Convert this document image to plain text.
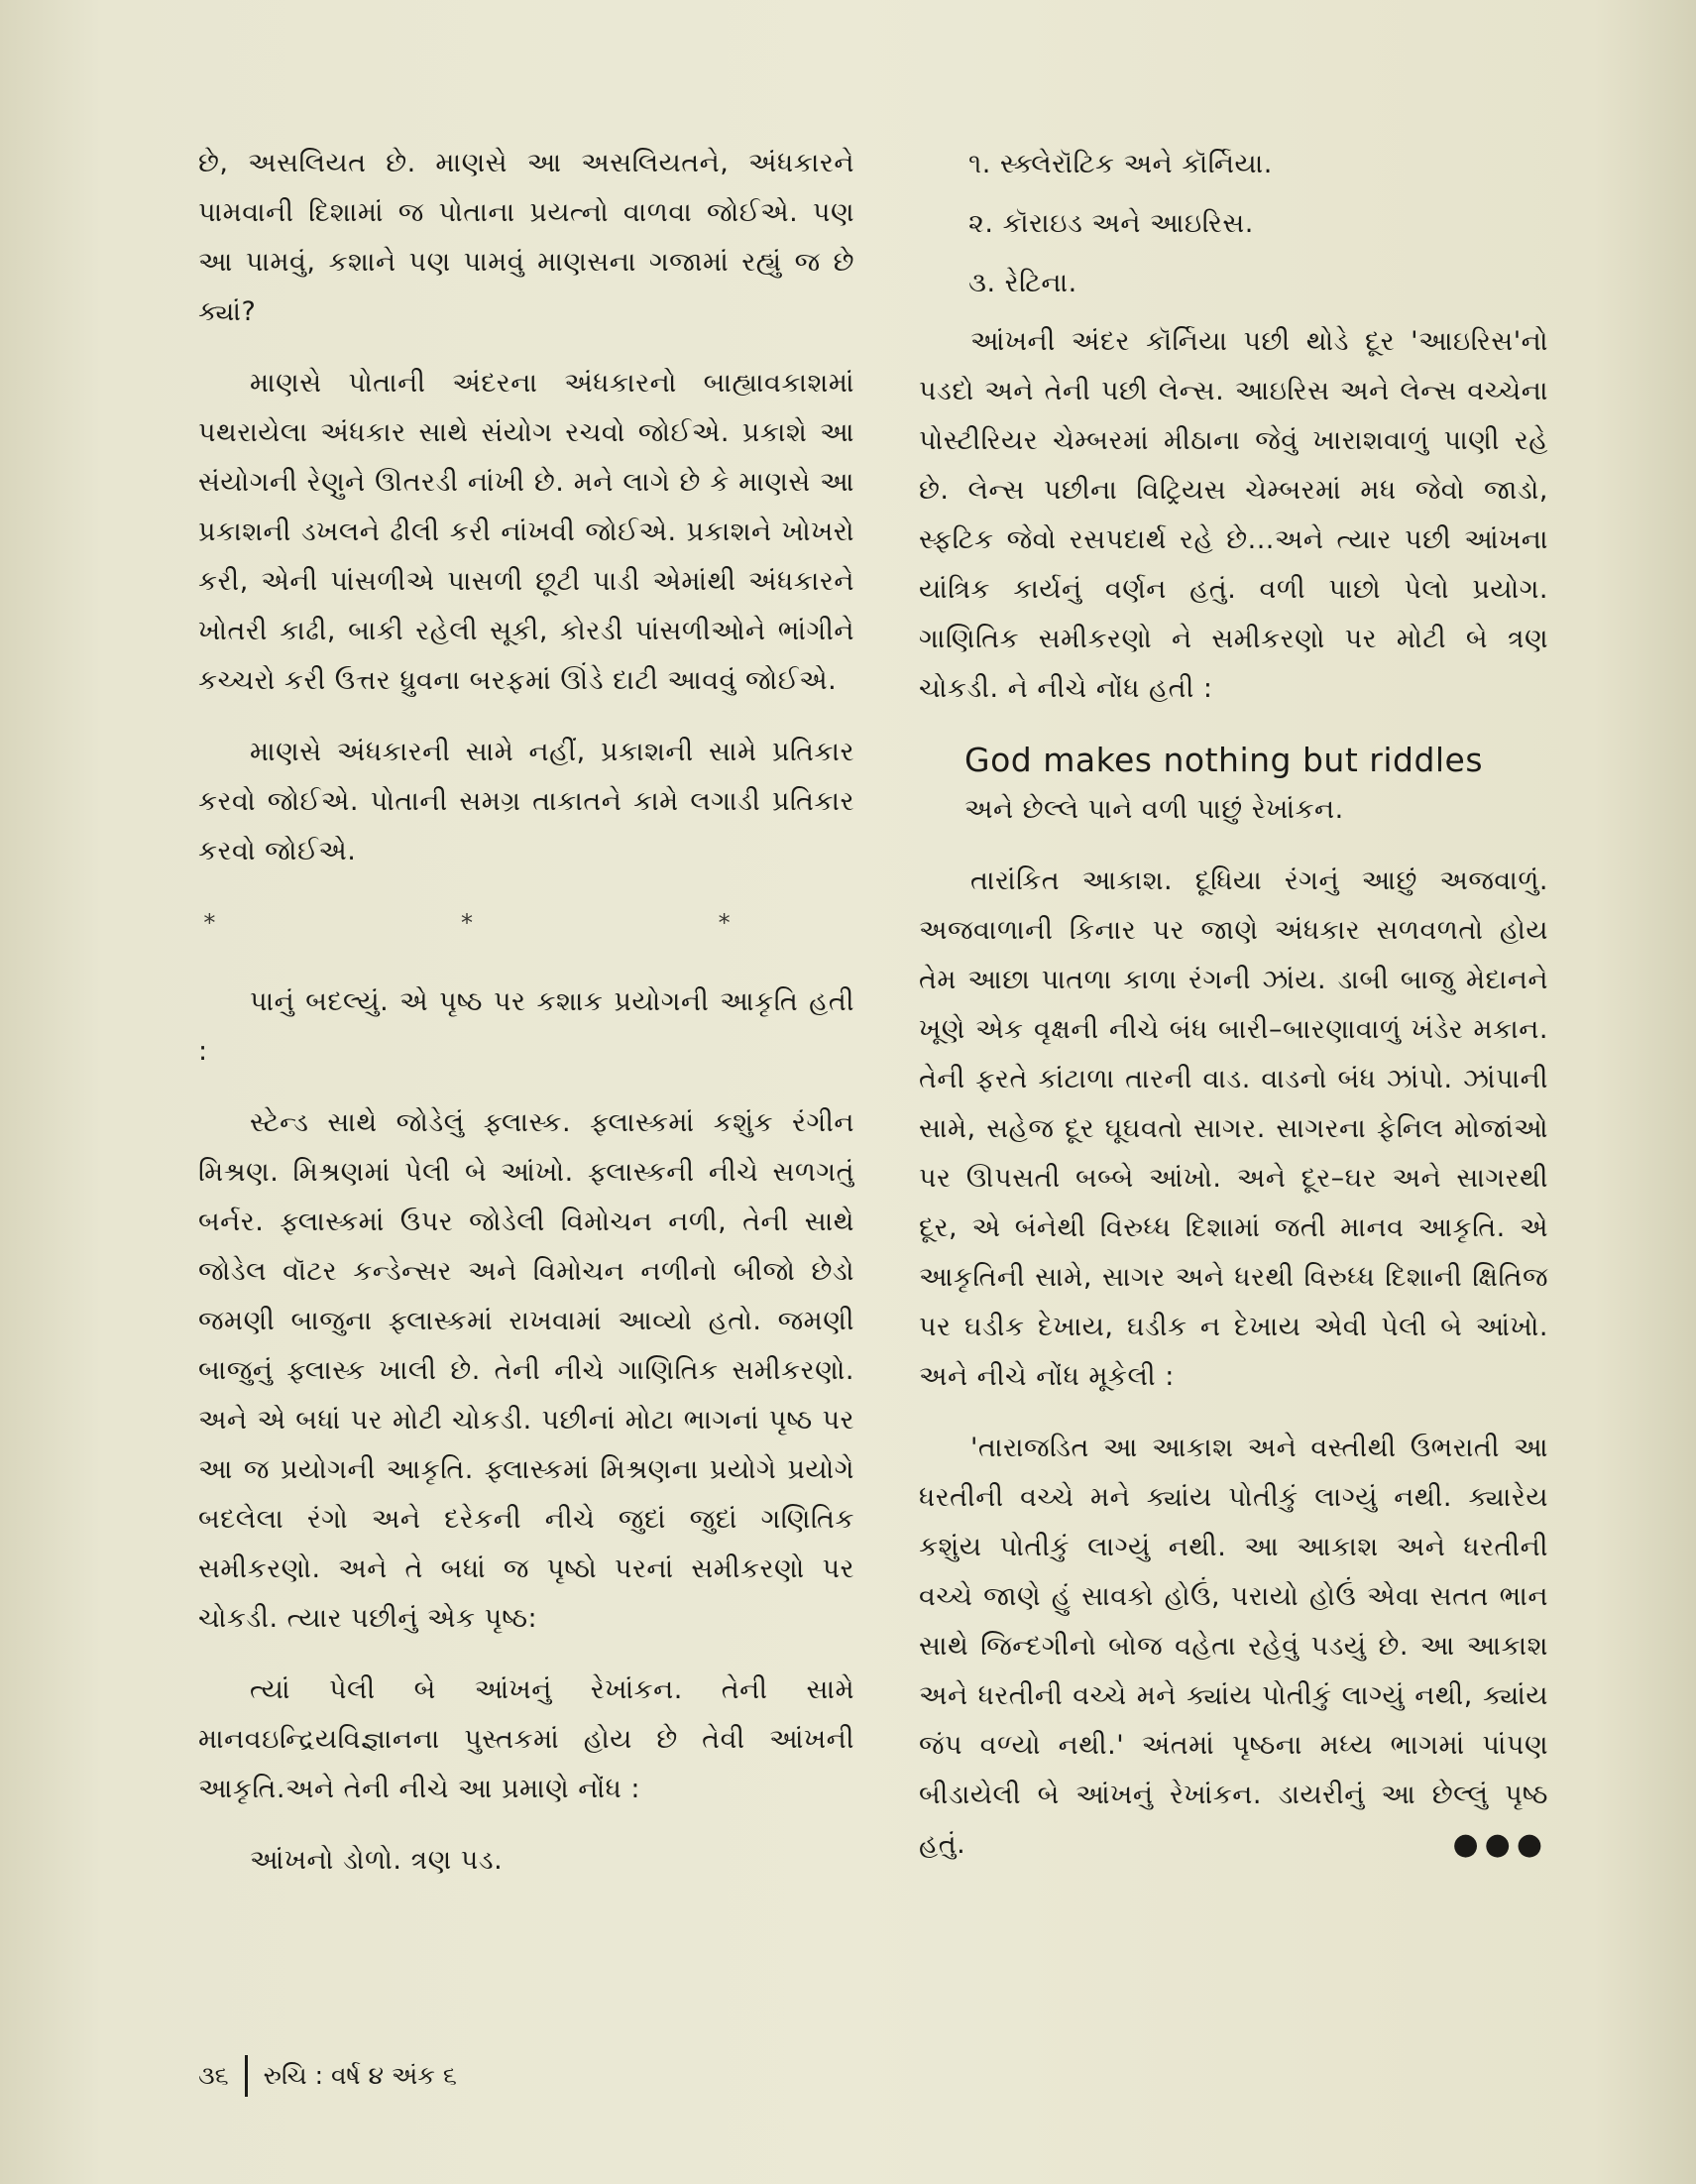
છે, અસલિયત છે. માણસે આ અસલિયતને, અંધકારને પામવાની દિશામાં જ પોતાના પ્રયત્નો વાળવા જોઈએ. પણ આ પામવું, કશાને પણ પામવું માણસના ગજામાં રહ્યું જ છે ક્યાં?

માણસે પોતાની અંદરના અંધકારનો બાહ્યાવકાશમાં પથરાયેલા અંધકાર સાથે સંયોગ રચવો જોઈએ. પ્રકાશે આ સંયોગની રેણુને ઊતરડી નાંખી છે. મને લાગે છે કે માણસે આ પ્રકાશની ડખલને ઢીલી કરી નાંખવી જોઈએ. પ્રકાશને ખોખરો કરી, એની પાંસળીએ પાસળી છૂટી પાડી એમાંથી અંધકારને ખોતરી કાઢી, બાકી રહેલી સૂકી, કોરડી પાંસળીઓને ભાંગીને કચ્ચરો કરી ઉત્તર ધ્રુવના બરફમાં ઊંડે દાટી આવવું જોઈએ.

માણસે અંધકારની સામે નહીં, પ્રકાશની સામે પ્રતિકાર કરવો જોઈએ. પોતાની સમગ્ર તાકાતને કામે લગાડી પ્રતિકાર કરવો જોઈએ.

* * *

પાનું બદલ્યું. એ પૃષ્ઠ પર કશાક પ્રયોગની આકૃતિ હતી :

સ્ટેન્ડ સાથે જોડેલું ફ્લાસ્ક. ફ્લાસ્કમાં કશુંક રંગીન મિશ્રણ. મિશ્રણમાં પેલી બે આંખો. ફ્લાસ્કની નીચે સળગતું બર્નર. ફ્લાસ્કમાં ઉપર જોડેલી વિમોચન નળી, તેની સાથે જોડેલ વૉટર કન્ડેન્સર અને વિમોચન નળીનો બીજો છેડો જમણી બાજુના ફ્લાસ્કમાં રાખવામાં આવ્યો હતો. જમણી બાજુનું ફ્લાસ્ક ખાલી છે. તેની નીચે ગાણિતિક સમીકરણો. અને એ બધાં પર મોટી ચોકડી. પછીનાં મોટા ભાગનાં પૃષ્ઠ પર આ જ પ્રયોગની આકૃતિ. ફ્લાસ્કમાં મિશ્રણના પ્રયોગે પ્રયોગે બદલેલા રંગો અને દરેકની નીચે જુદાં જુદાં ગણિતિક સમીકરણો. અને તે બધાં જ પૃષ્ઠો પરનાં સમીકરણો પર ચોકડી. ત્યાર પછીનું એક પૃષ્ઠ:

ત્યાં પેલી બે આંખનું રેખાંકન. તેની સામે માનવઇન્દ્રિયવિજ્ઞાનના પુસ્તકમાં હોય છે તેવી આંખની આકૃતિ.અને તેની નીચે આ પ્રમાણે નોંધ :

આંખનો ડોળો. ત્રણ પડ.

૧. સ્ક્લેરૉટિક અને કૉર્નિયા.
૨. કૉરાઇડ અને આઇરિસ.
૩. રેટિના.

આંખની અંદર કૉર્નિયા પછી થોડે દૂર 'આઇરિસ'નો પડદો અને તેની પછી લેન્સ. આઇરિસ અને લેન્સ વચ્ચેના પોસ્ટીરિયર ચેમ્બરમાં મીઠાના જેવું ખારાશવાળું પાણી રહે છે. લેન્સ પછીના વિટ્રિયસ ચેમ્બરમાં મધ જેવો જાડો, સ્ફટિક જેવો રસપદાર્થ રહે છે...અને ત્યાર પછી આંખના યાંત્રિક કાર્યનું વર્ણન હતું. વળી પાછો પેલો પ્રયોગ. ગાણિતિક સમીકરણો ને સમીકરણો પર મોટી બે ત્રણ ચોકડી. ને નીચે નોંધ હતી :

God makes nothing but riddles

અને છેલ્લે પાને વળી પાછું રેખાંકન.

તારાંકિત આકાશ. દૂધિયા રંગનું આછું અજવાળું. અજવાળાની કિનાર પર જાણે અંધકાર સળવળતો હોય તેમ આછા પાતળા કાળા રંગની ઝાંય. ડાબી બાજુ મેદાનને ખૂણે એક વૃક્ષની નીચે બંધ બારી–બારણાવાળું ખંડેર મકાન. તેની ફરતે કાંટાળા તારની વાડ. વાડનો બંધ ઝાંપો. ઝાંપાની સામે, સહેજ દૂર ઘૂઘવતો સાગર. સાગરના ફેનિલ મોજાંઓ પર ઊપસતી બબ્બે આંખો. અને દૂર–ઘર અને સાગરથી દૂર, એ બંનેથી વિરુધ્ધ દિશામાં જતી માનવ આકૃતિ. એ આકૃતિની સામે, સાગર અને ધરથી વિરુધ્ધ દિશાની ક્ષિતિજ પર ઘડીક દેખાય, ઘડીક ન દેખાય એવી પેલી બે આંખો. અને નીચે નોંધ મૂકેલી :

'તારાજડિત આ આકાશ અને વસ્તીથી ઉભરાતી આ ધરતીની વચ્ચે મને ક્યાંય પોતીકું લાગ્યું નથી. ક્યારેય કશુંય પોતીકું લાગ્યું નથી. આ આકાશ અને ધરતીની વચ્ચે જાણે હું સાવકો હોઉં, પરાયો હોઉં એવા સતત ભાન સાથે જિન્દગીનો બોજ વહેતા રહેવું પડયું છે. આ આકાશ અને ધરતીની વચ્ચે મને ક્યાંય પોતીકું લાગ્યું નથી, ક્યાંય જંપ વળ્યો નથી.' અંતમાં પૃષ્ઠના મધ્ય ભાગમાં પાંપણ બીડાયેલી બે આંખનું રેખાંકન. ડાયરીનું આ છેલ્લું પૃષ્ઠ હતું.	●●●
૩૬ રુચિ : વર્ષ ૪ અંક ૬
